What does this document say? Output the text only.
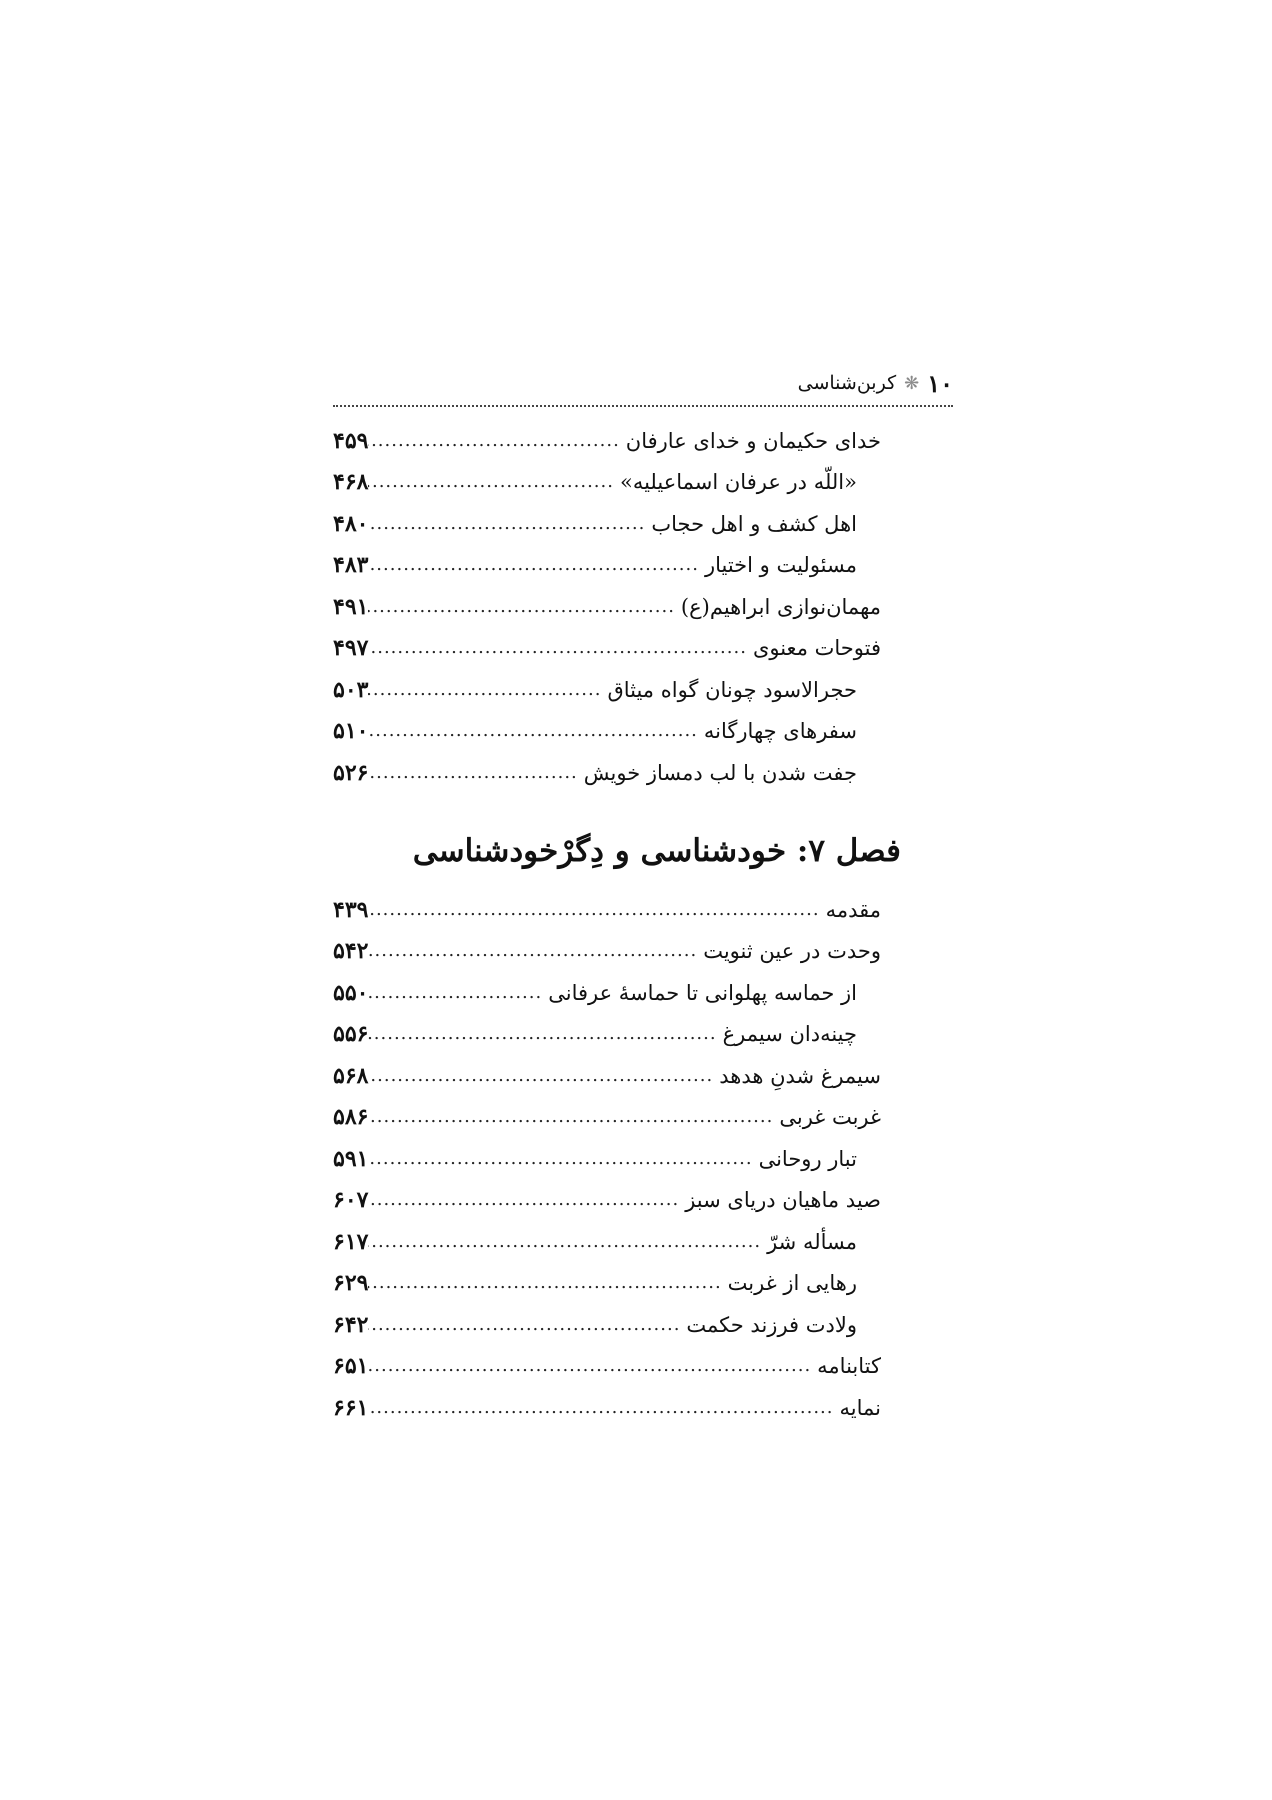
۱۰
❋
کربن‌شناسی
خدای حکیمان و خدای عارفان
.....
۴۵۹
«اللّه در عرفان اسماعیلیه»
.....
۴۶۸
اهل کشف و اهل حجاب
.....
۴۸۰
مسئولیت و اختیار
.....
۴۸۳
مهمان‌نوازی ابراهیم(ع)
.....
۴۹۱
فتوحات معنوی
.....
۴۹۷
حجرالاسود چونان گواه میثاق
.....
۵۰۳
سفرهای چهارگانه
.....
۵۱۰
جفت شدن با لب دمساز خویش
.....
۵۲۶
فصل ۷: خودشناسی و دِگرْخودشناسی
مقدمه
.....
۴۳۹
وحدت در عین ثنویت
.....
۵۴۲
از حماسه پهلوانی تا حماسهٔ عرفانی
.....
۵۵۰
چینه‌دان سیمرغ
.....
۵۵۶
سیمرغ شدنِ هدهد
.....
۵۶۸
غربت غربی
.....
۵۸۶
تبار روحانی
.....
۵۹۱
صید ماهیان دریای سبز
.....
۶۰۷
مسأله شرّ
.....
۶۱۷
رهایی از غربت
.....
۶۲۹
ولادت فرزند حکمت
.....
۶۴۲
کتابنامه
.....
۶۵۱
نمایه
.....
۶۶۱
